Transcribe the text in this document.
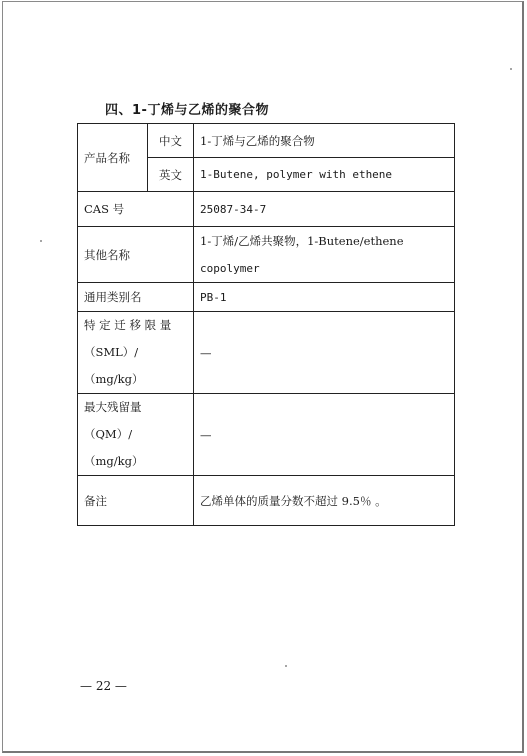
四、1-丁烯与乙烯的聚合物
产品名称	中文	1-丁烯与乙烯的聚合物
	英文	1-Butene, polymer with ethene
CAS 号		25087-34-7
其他名称		1-丁烯/乙烯共聚物，1-Butene/ethene
copolymer

通用类别名		PB-1

特 定 迁 移 限 量
（SML）/（mg/kg）		—

最大残留量（QM）/
（mg/kg）		—
备注		乙烯单体的质量分数不超过 9.5％ 。
— 22 —
